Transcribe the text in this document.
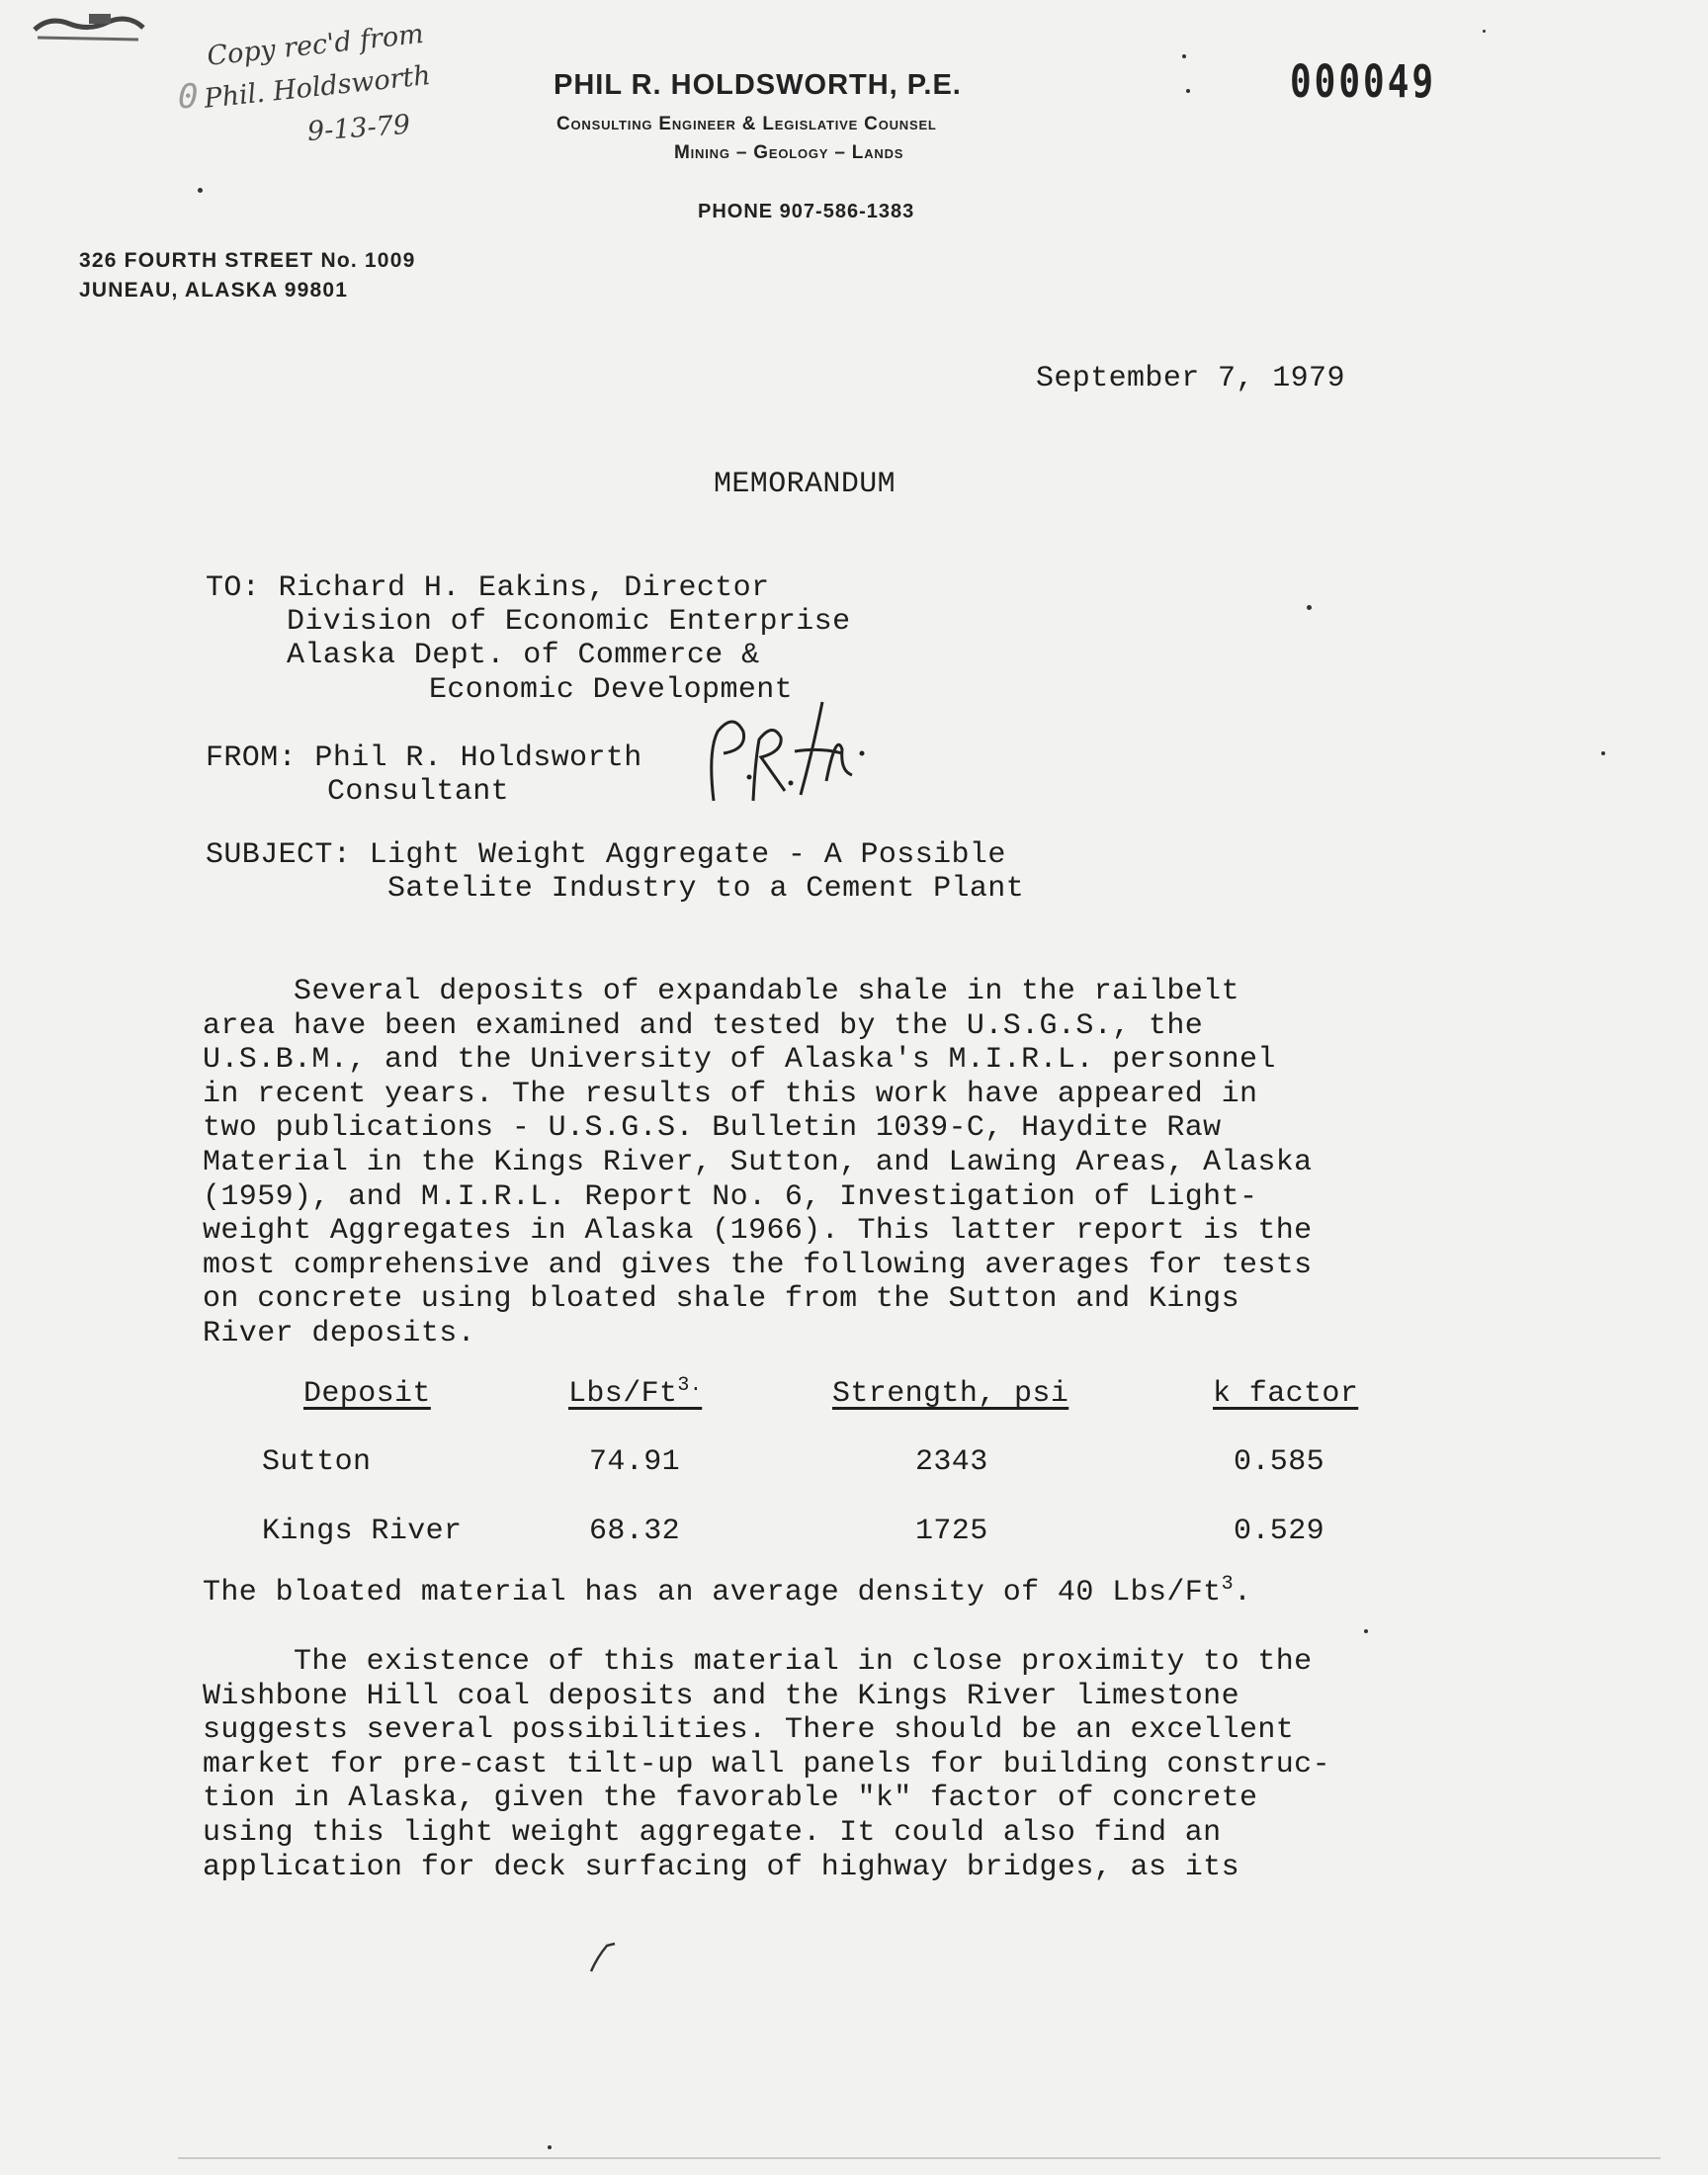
0
Copy rec'd from
Phil. Holdsworth
9-13-79
PHIL R. HOLDSWORTH, P.E.
Consulting Engineer & Legislative Counsel
Mining – Geology – Lands
PHONE 907-586-1383
326 FOURTH STREET No. 1009
JUNEAU, ALASKA 99801
000049
September 7, 1979
MEMORANDUM
TO: Richard H. Eakins, Director
Division of Economic Enterprise
Alaska Dept. of Commerce &
Economic Development
FROM: Phil R. Holdsworth
Consultant
SUBJECT: Light Weight Aggregate - A Possible
Satelite Industry to a Cement Plant

Several deposits of expandable shale in the railbelt

area have been examined and tested by the U.S.G.S., the

U.S.B.M., and the University of Alaska's M.I.R.L. personnel

in recent years. The results of this work have appeared in

two publications - U.S.G.S. Bulletin 1039-C, Haydite Raw

Material in the Kings River, Sutton, and Lawing Areas, Alaska

(1959), and M.I.R.L. Report No. 6, Investigation of Light-

weight Aggregates in Alaska (1966). This latter report is the

most comprehensive and gives the following averages for tests

on concrete using bloated shale from the Sutton and Kings

River deposits.

Deposit	Lbs/$Ft^{3.}$	Strength, psi	k factor
Sutton	74.91	2343	0.585
Kings River	68.32	1725	0.529
The bloated material has an average density of 40 Lbs/Ft$^3$.

The existence of this material in close proximity to the

Wishbone Hill coal deposits and the Kings River limestone

suggests several possibilities. There should be an excellent

market for pre-cast tilt-up wall panels for building construc-

tion in Alaska, given the favorable "k" factor of concrete

using this light weight aggregate. It could also find an

application for deck surfacing of highway bridges, as its
